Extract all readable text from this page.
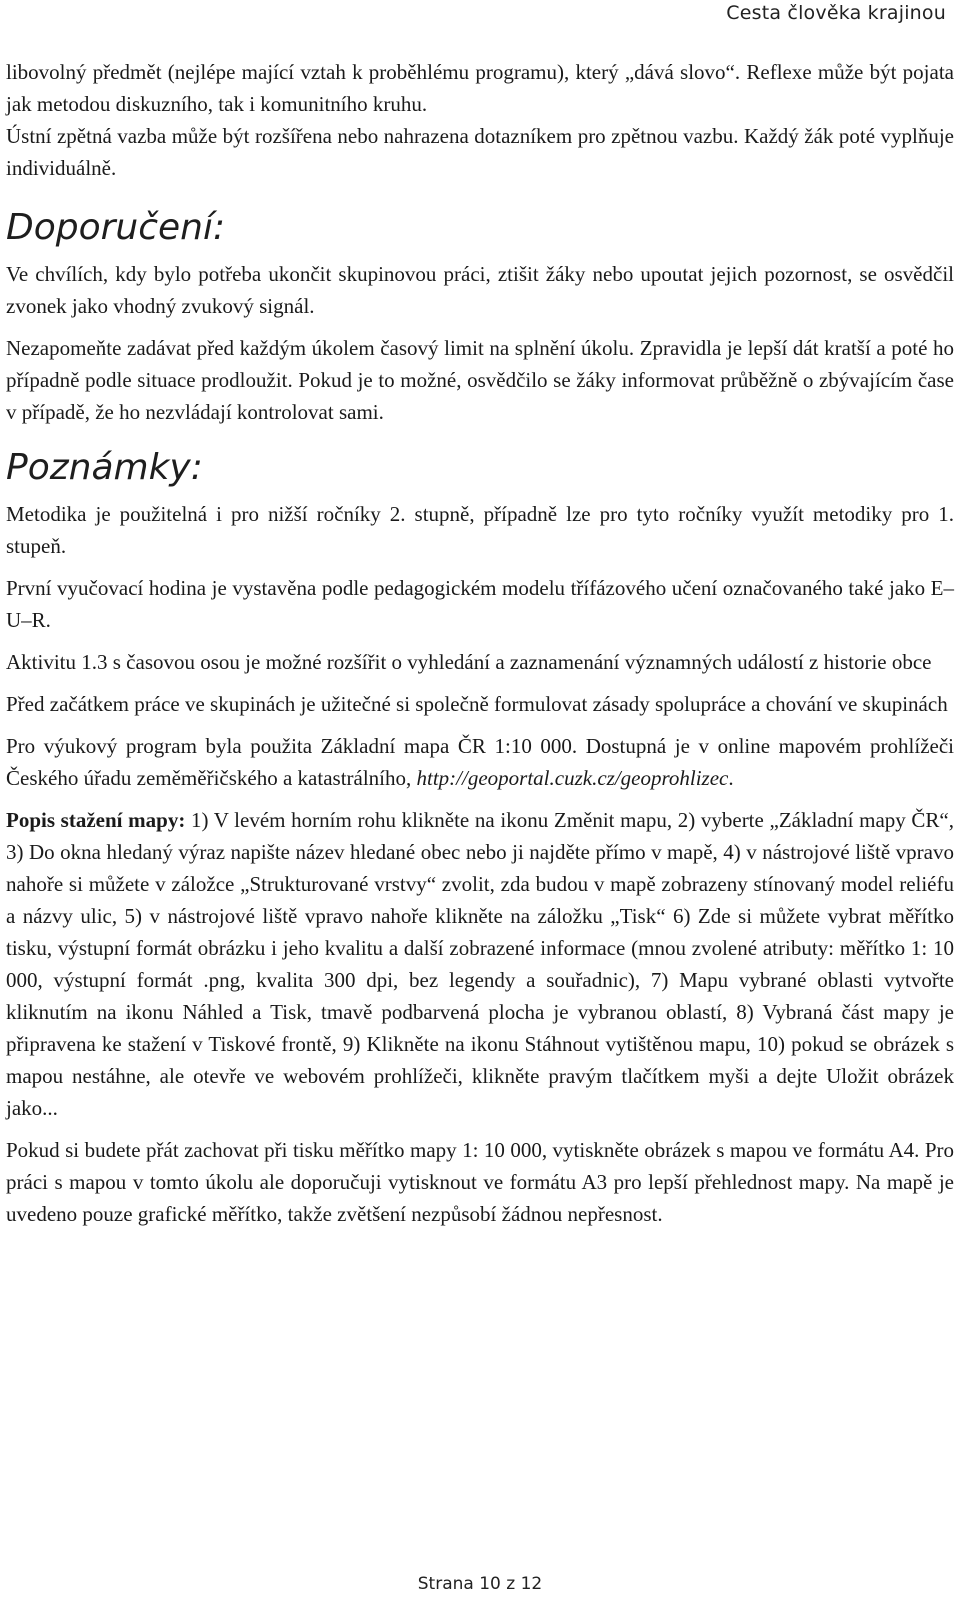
Cesta člověka krajinou

libovolný předmět (nejlépe mající vztah k proběhlému programu), který „dává slovo“. Reflexe může být pojata jak metodou diskuzního, tak i komunitního kruhu.

Ústní zpětná vazba může být rozšířena nebo nahrazena dotazníkem pro zpětnou vazbu. Každý žák poté vyplňuje individuálně.

Doporučení:

Ve chvílích, kdy bylo potřeba ukončit skupinovou práci, ztišit žáky nebo upoutat jejich pozornost, se osvědčil zvonek jako vhodný zvukový signál.

Nezapomeňte zadávat před každým úkolem časový limit na splnění úkolu. Zpravidla je lepší dát kratší a poté ho případně podle situace prodloužit. Pokud je to možné, osvědčilo se žáky informovat průběžně o zbývajícím čase v případě, že ho nezvládají kontrolovat sami.

Poznámky:

Metodika je použitelná i pro nižší ročníky 2. stupně, případně lze pro tyto ročníky využít metodiky pro 1. stupeň.

První vyučovací hodina je vystavěna podle pedagogickém modelu třífázového učení označovaného také jako E–U–R.

Aktivitu 1.3 s časovou osou je možné rozšířit o vyhledání a zaznamenání významných událostí z historie obce

Před začátkem práce ve skupinách je užitečné si společně formulovat zásady spolupráce a chování ve skupinách

Pro výukový program byla použita Základní mapa ČR 1:10 000. Dostupná je v online mapovém prohlížeči Českého úřadu zeměměřičského a katastrálního, http://geoportal.cuzk.cz/geoprohlizec.

Popis stažení mapy: 1) V levém horním rohu klikněte na ikonu Změnit mapu, 2) vyberte „Základní mapy ČR“, 3) Do okna hledaný výraz napište název hledané obec nebo ji najděte přímo v mapě, 4) v nástrojové liště vpravo nahoře si můžete v záložce „Strukturované vrstvy“ zvolit, zda budou v mapě zobrazeny stínovaný model reliéfu a názvy ulic, 5) v nástrojové liště vpravo nahoře klikněte na záložku „Tisk“ 6) Zde si můžete vybrat měřítko tisku, výstupní formát obrázku i jeho kvalitu a další zobrazené informace (mnou zvolené atributy: měřítko 1: 10 000, výstupní formát .png, kvalita 300 dpi, bez legendy a souřadnic), 7) Mapu vybrané oblasti vytvořte kliknutím na ikonu Náhled a Tisk, tmavě podbarvená plocha je vybranou oblastí, 8) Vybraná část mapy je připravena ke stažení v Tiskové frontě, 9) Klikněte na ikonu Stáhnout vytištěnou mapu, 10) pokud se obrázek s mapou nestáhne, ale otevře ve webovém prohlížeči, klikněte pravým tlačítkem myši a dejte Uložit obrázek jako...

Pokud si budete přát zachovat při tisku měřítko mapy 1: 10 000, vytiskněte obrázek s mapou ve formátu A4. Pro práci s mapou v tomto úkolu ale doporučuji vytisknout ve formátu A3 pro lepší přehlednost mapy. Na mapě je uvedeno pouze grafické měřítko, takže zvětšení nezpůsobí žádnou nepřesnost.

Strana 10 z 12
